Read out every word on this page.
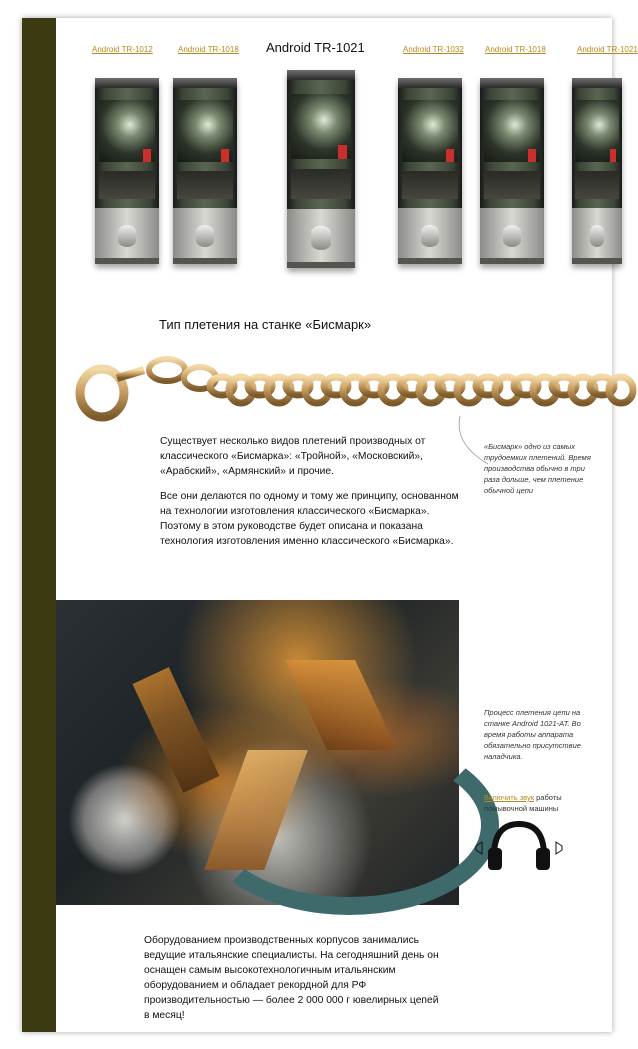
Android TR-1012	Android TR-1018 Android TR-1021	Android TR-1032	Android TR-1018	Android TR-1021
Тип плетения на станке «Бисмарк»
«Бисмарк» одно из самых трудоемких плетений. Время производства обычно в три раза дольше, чем плетение обычной цепи

Существует несколько видов плетений производных от классического «Бисмарка»: «Тройной», «Московский», «Арабский», «Армянский» и прочие.

Все они делаются по одному и тому же принципу, основанном на технологии изготовления классического «Бисмарка». Поэтому в этом руководстве будет описана и показана технология изготовления именно классического «Бисмарка».

Процесс плетения цепи на станке Android 1021-AT. Во время работы аппарата обязательно присутствие наладчика.
Включить звук работы помывочной машины

Оборудованием производственных корпусов занимались ведущие итальянские специалисты. На сегодняшний день он оснащен самым высокотехнологичным итальянским оборудованием и обладает рекордной для РФ производительностью — более 2 000 000 г ювелирных цепей в месяц!
